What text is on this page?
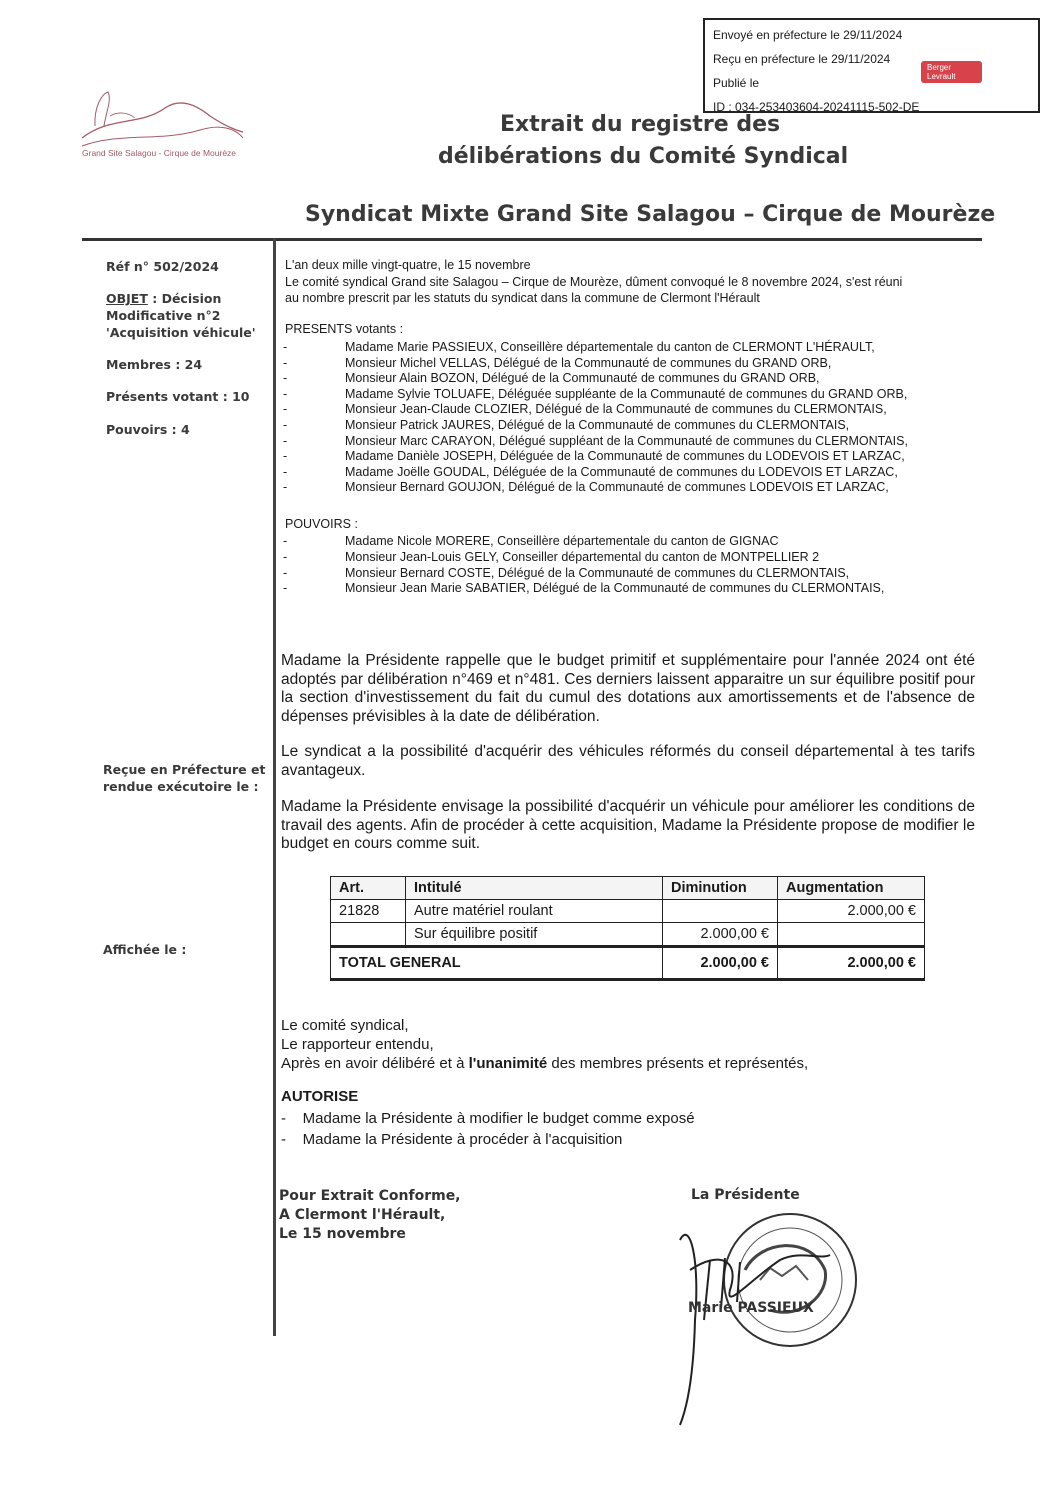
Envoyé en préfecture le 29/11/2024
Reçu en préfecture le 29/11/2024
Publié le
ID : 034-253403604-20241115-502-DE
Berger
Levrault
Grand Site Salagou - Cirque de Mourèze
Extrait du registre des
délibérations du Comité Syndical
Syndicat Mixte Grand Site Salagou – Cirque de Mourèze
Réf n° 502/2024
OBJET : Décision
Modificative n°2
'Acquisition véhicule'
Membres : 24
Présents votant : 10
Pouvoirs : 4
Reçue en Préfecture et
rendue exécutoire le :
Affichée le :
L'an deux mille vingt-quatre, le 15 novembre
Le comité syndical Grand site Salagou – Cirque de Mourèze, dûment convoqué le 8 novembre 2024, s'est réuni
au nombre prescrit par les statuts du syndicat dans la commune de Clermont l'Hérault
PRESENTS votants :
-	Madame Marie PASSIEUX, Conseillère départementale du canton de CLERMONT L'HÉRAULT,
-	Monsieur Michel VELLAS, Délégué de la Communauté de communes du GRAND ORB,
-	Monsieur Alain BOZON, Délégué de la Communauté de communes du GRAND ORB,
-	Madame Sylvie TOLUAFE, Déléguée suppléante de la Communauté de communes du GRAND ORB,
-	Monsieur Jean-Claude CLOZIER, Délégué de la Communauté de communes du CLERMONTAIS,
-	Monsieur Patrick JAURES, Délégué de la Communauté de communes du CLERMONTAIS,
-	Monsieur Marc CARAYON, Délégué suppléant de la Communauté de communes du CLERMONTAIS,
-	Madame Danièle JOSEPH, Déléguée de la Communauté de communes du LODEVOIS ET LARZAC,
-	Madame Joëlle GOUDAL, Déléguée de la Communauté de communes du LODEVOIS ET LARZAC,
-	Monsieur Bernard GOUJON, Délégué de la Communauté de communes LODEVOIS ET LARZAC,
POUVOIRS :
-	Madame Nicole MORERE, Conseillère départementale du canton de GIGNAC
-	Monsieur Jean-Louis GELY, Conseiller départemental du canton de MONTPELLIER 2
-	Monsieur Bernard COSTE, Délégué de la Communauté de communes du CLERMONTAIS,
-	Monsieur Jean Marie SABATIER, Délégué de la Communauté de communes du CLERMONTAIS,
Madame la Présidente rappelle que le budget primitif et supplémentaire pour l'année 2024 ont été adoptés par délibération n°469 et n°481. Ces derniers laissent apparaitre un sur équilibre positif pour la section d'investissement du fait du cumul des dotations aux amortissements et de l'absence de dépenses prévisibles à la date de délibération.
Le syndicat a la possibilité d'acquérir des véhicules réformés du conseil départemental à tes tarifs avantageux.
Madame la Présidente envisage la possibilité d'acquérir un véhicule pour améliorer les conditions de travail des agents. Afin de procéder à cette acquisition, Madame la Présidente propose de modifier le budget en cours comme suit.
Art.	Intitulé	Diminution	Augmentation
21828	Autre matériel roulant		2.000,00 €
	Sur équilibre positif	2.000,00 €	
TOTAL GENERAL		2.000,00 €	2.000,00 €
Le comité syndical,
Le rapporteur entendu,
Après en avoir délibéré et à l'unanimité des membres présents et représentés,
AUTORISE
-    Madame la Présidente à modifier le budget comme exposé
-    Madame la Présidente à procéder à l'acquisition
Pour Extrait Conforme,
A Clermont l'Hérault,
Le 15 novembre
La Présidente
Marie PASSIEUX
